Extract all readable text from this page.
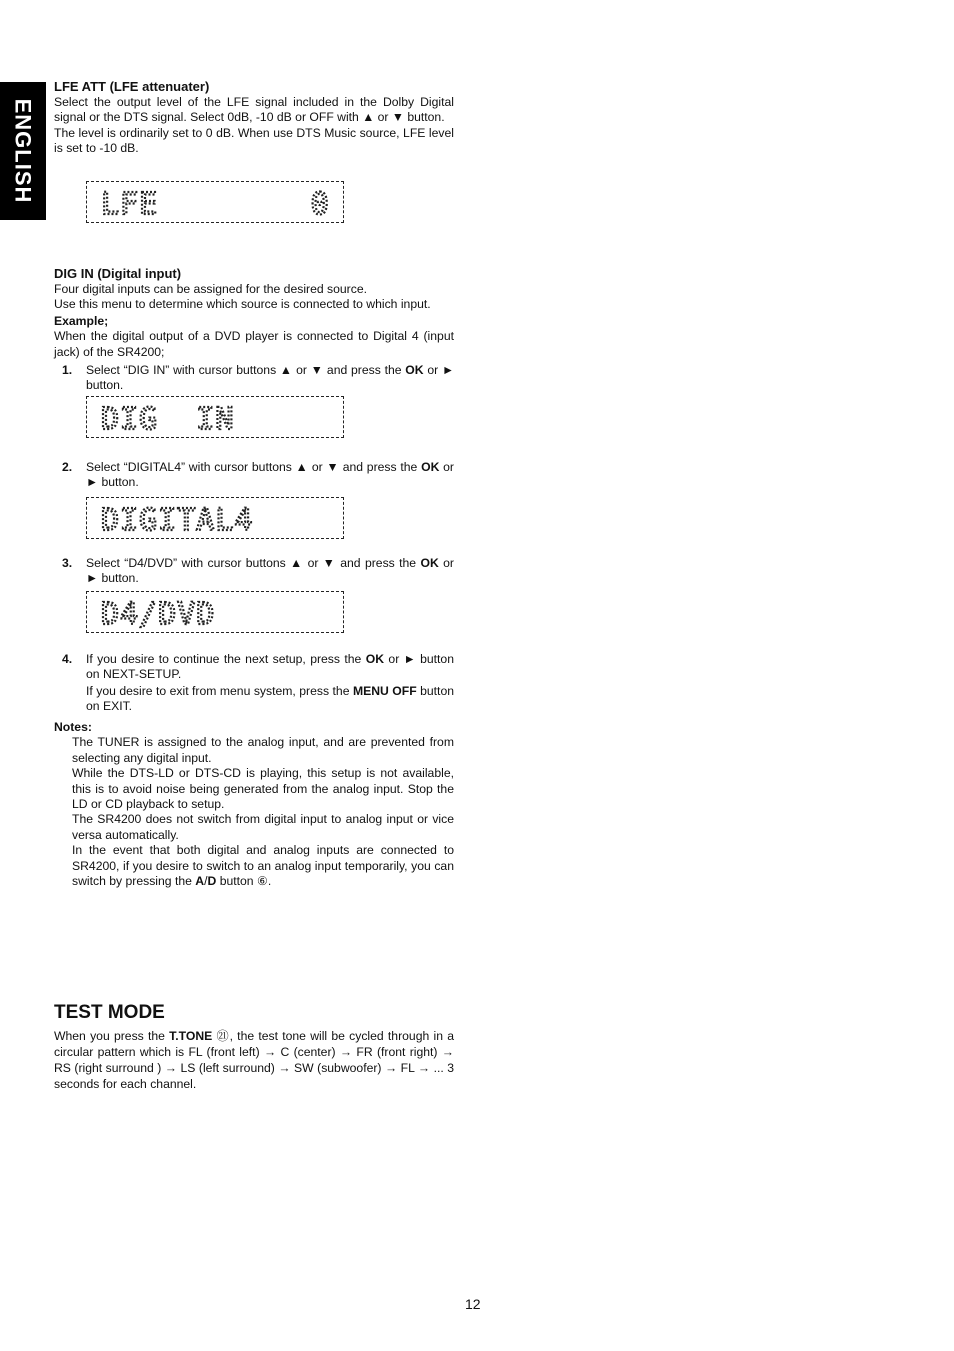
ENGLISH

LFE ATT (LFE attenuater)

Select the output level of the LFE signal included in the Dolby Digital signal or the DTS signal. Select 0dB, -10 dB or OFF with ▲ or ▼ button.

The level is ordinarily set to 0 dB. When use DTS Music source, LFE level is set to -10 dB.

LFE        0

DIG IN (Digital input)

Four digital inputs can be assigned for the desired source.

Use this menu to determine which source is connected to which input.

Example;

When the digital output of a DVD player is connected to Digital 4 (input jack) of the SR4200;

1. Select “DIG IN” with cursor buttons ▲ or ▼ and press the OK or ► button.

DIG  IN

2. Select “DIGITAL4” with cursor buttons ▲ or ▼ and press the OK or ► button.

DIGITAL4

3. Select “D4/DVD” with cursor buttons ▲ or ▼ and press the OK or ► button.

D4/DVD

4. If you desire to continue the next setup, press the OK or ► button on NEXT-SETUP.

If you desire to exit from menu system, press the MENU OFF button on EXIT.

Notes:

The TUNER is assigned to the analog input, and are prevented from selecting any digital input.

While the DTS-LD or DTS-CD is playing, this setup is not available, this is to avoid noise being generated from the analog input. Stop the LD or CD playback to setup.

The SR4200 does not switch from digital input to analog input or vice versa automatically.

In the event that both digital and analog inputs are connected to SR4200, if you desire to switch to an analog input temporarily, you can switch by pressing the A/D button ⑥.

TEST MODE

When you press the T.TONE ㉑, the test tone will be cycled through in a circular pattern which is FL (front left) → C (center) → FR (front right) → RS (right surround ) → LS (left surround) → SW (subwoofer) → FL → ... 3 seconds for each channel.

12
